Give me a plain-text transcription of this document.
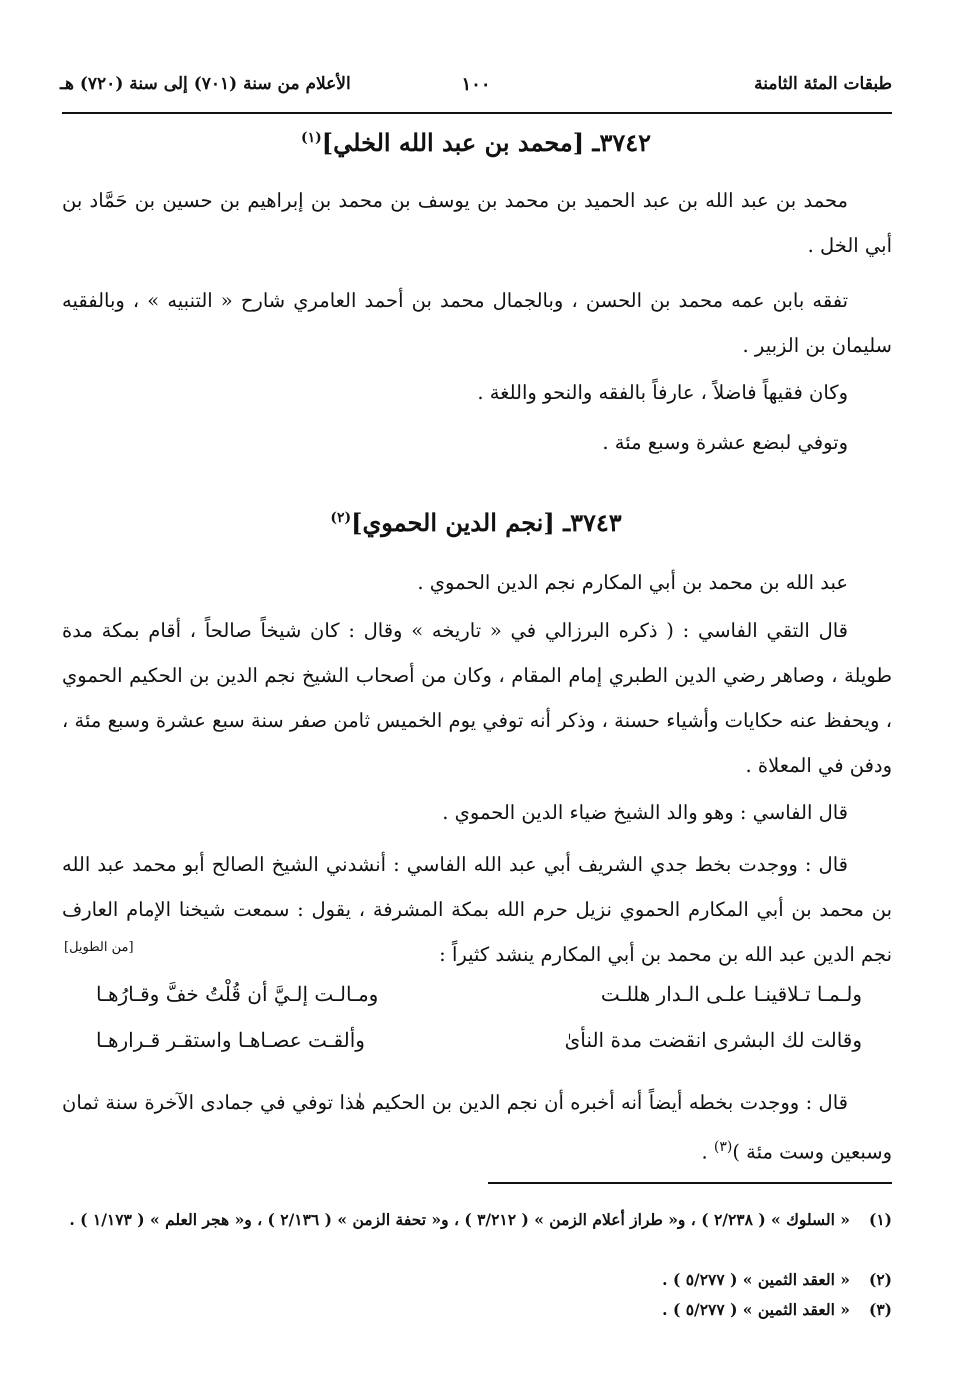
طبقات المئة الثامنة
١٠٠
الأعلام من سنة (٧٠١) إلى سنة (٧٢٠) هـ
٣٧٤٢ـ [محمد بن عبد الله الخلي]$^{(١)}$
محمد بن عبد الله بن عبد الحميد بن محمد بن يوسف بن محمد بن إبراهيم بن حسين بن حَمَّاد بن أبي الخل .
تفقه بابن عمه محمد بن الحسن ، وبالجمال محمد بن أحمد العامري شارح « التنبيه » ، وبالفقيه سليمان بن الزبير .
وكان فقيهاً فاضلاً ، عارفاً بالفقه والنحو واللغة .
وتوفي لبضع عشرة وسبع مئة .
٣٧٤٣ـ [نجم الدين الحموي]$^{(٢)}$
عبد الله بن محمد بن أبي المكارم نجم الدين الحموي .
قال التقي الفاسي : ( ذكره البرزالي في « تاريخه » وقال : كان شيخاً صالحاً ، أقام بمكة مدة طويلة ، وصاهر رضي الدين الطبري إمام المقام ، وكان من أصحاب الشيخ نجم الدين بن الحكيم الحموي ، ويحفظ عنه حكايات وأشياء حسنة ، وذكر أنه توفي يوم الخميس ثامن صفر سنة سبع عشرة وسبع مئة ، ودفن في المعلاة .
قال الفاسي : وهو والد الشيخ ضياء الدين الحموي .
قال : ووجدت بخط جدي الشريف أبي عبد الله الفاسي : أنشدني الشيخ الصالح أبو محمد عبد الله بن محمد بن أبي المكارم الحموي نزيل حرم الله بمكة المشرفة ، يقول : سمعت شيخنا الإمام العارف نجم الدين عبد الله بن محمد بن أبي المكارم ينشد كثيراً :
[من الطويل]
ولـمـا تـلاقينـا علـى الـدار هللـت
ومـالـت إلـيَّ أن قُلْتُ خفَّ وقـارُهـا
وقالت لك البشرى انقضت مدة النأىٰ
وألقـت عصـاهـا واستقـر قـرارهـا
قال : ووجدت بخطه أيضاً أنه أخبره أن نجم الدين بن الحكيم هٰذا توفي في جمادى الآخرة سنة ثمان وسبعين وست مئة )$^{(٣)}$ .
(١)« السلوك » ( ٢/٢٣٨ ) ، و« طراز أعلام الزمن » ( ٣/٢١٢ ) ، و« تحفة الزمن » ( ٢/١٣٦ ) ، و« هجر العلم » ( ١/١٧٣ ) .
(٢)« العقد الثمين » ( ٥/٢٧٧ ) .
(٣)« العقد الثمين » ( ٥/٢٧٧ ) .
